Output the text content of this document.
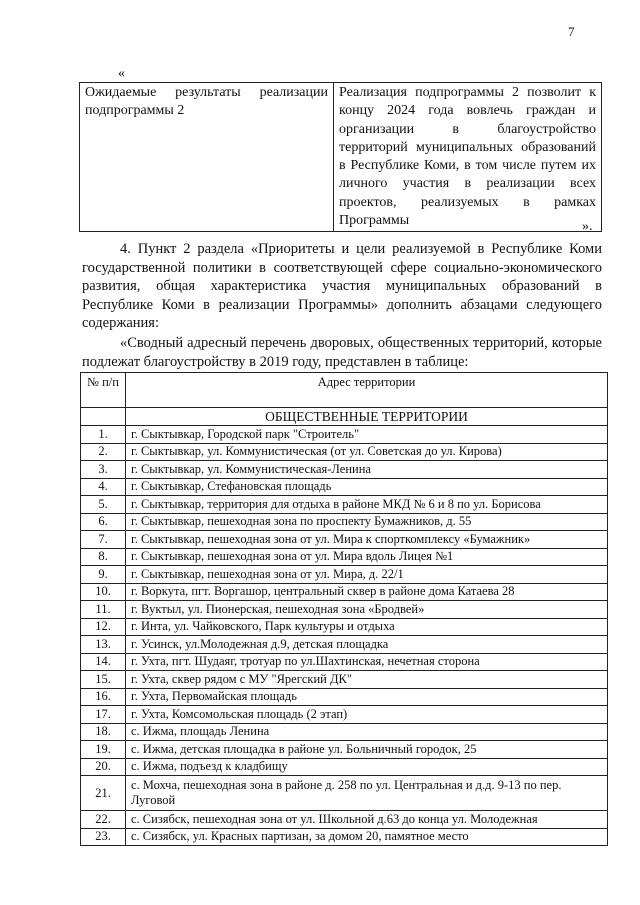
7
«
Ожидаемые результаты реализации подпрограммы 2	Реализация подпрограммы 2 позволит к концу 2024 года вовлечь граждан и организации в благоустройство территорий муниципальных образований в Республике Коми, в том числе путем их личного участия в реализации всех проектов, реализуемых в рамках Программы	».

4. Пункт 2 раздела «Приоритеты и цели реализуемой в Республике Коми государственной политики в соответствующей сфере социально-экономического развития, общая характеристика участия муниципальных образований в Республике Коми в реализации Программы» дополнить абзацами следующего содержания:

«Сводный адресный перечень дворовых, общественных территорий, которые подлежат благоустройству в 2019 году, представлен в таблице:

№ п/п	Адрес территории
	ОБЩЕСТВЕННЫЕ ТЕРРИТОРИИ
1.	г. Сыктывкар, Городской парк "Строитель"
2.	г. Сыктывкар, ул. Коммунистическая (от ул. Советская до ул. Кирова)
3.	г. Сыктывкар, ул. Коммунистическая-Ленина
4.	г. Сыктывкар, Стефановская площадь
5.	г. Сыктывкар, территория для отдыха в районе МКД № 6 и 8 по ул. Борисова
6.	г. Сыктывкар, пешеходная зона по проспекту Бумажников, д. 55
7.	г. Сыктывкар, пешеходная зона от ул. Мира к спорткомплексу «Бумажник»
8.	г. Сыктывкар, пешеходная зона от ул. Мира вдоль Лицея №1
9.	г. Сыктывкар, пешеходная зона от ул. Мира, д. 22/1
10.	г. Воркута, пгт. Воргашор, центральный сквер в районе дома Катаева 28
11.	г. Вуктыл, ул. Пионерская, пешеходная зона «Бродвей»
12.	г. Инта, ул. Чайковского, Парк культуры и отдыха
13.	г. Усинск, ул.Молодежная д.9, детская площадка
14.	г. Ухта, пгт. Шудаяг, тротуар по ул.Шахтинская, нечетная сторона
15.	г. Ухта, сквер рядом с МУ "Ярегский ДК"
16.	г. Ухта, Первомайская площадь
17.	г. Ухта, Комсомольская площадь (2 этап)
18.	с. Ижма, площадь Ленина
19.	с. Ижма, детская площадка в районе ул. Больничный городок, 25
20.	с. Ижма, подъезд к кладбищу
21.	с. Мохча, пешеходная зона в районе д. 258 по ул. Центральная и д.д. 9-13 по пер. Луговой
22.	с. Сизябск, пешеходная зона от ул. Школьной д.63 до конца ул. Молодежная
23.	с. Сизябск, ул. Красных партизан, за домом 20, памятное место
